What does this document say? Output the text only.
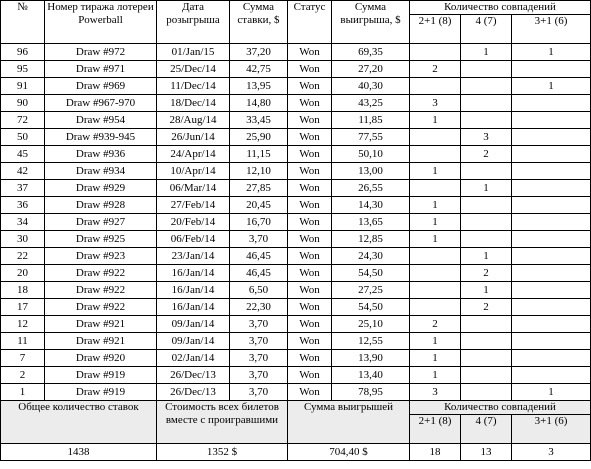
№	Номер тиража лотереи Powerball	Дата розыгрыша	Сумма ставки, $	Статус	Сумма выигрыша, $	Количество совпадений		
						2+1 (8)	4 (7)	3+1 (6)
96	Draw #972	01/Jan/15	37,20	Won	69,35		1	1
95	Draw #971	25/Dec/14	42,75	Won	27,20	2		
91	Draw #969	11/Dec/14	13,95	Won	40,30			1
90	Draw #967-970	18/Dec/14	14,80	Won	43,25	3		
72	Draw #954	28/Aug/14	33,45	Won	11,85	1		
50	Draw #939-945	26/Jun/14	25,90	Won	77,55		3	
45	Draw #936	24/Apr/14	11,15	Won	50,10		2	
42	Draw #934	10/Apr/14	12,10	Won	13,00	1		
37	Draw #929	06/Mar/14	27,85	Won	26,55		1	
36	Draw #928	27/Feb/14	20,45	Won	14,30	1		
34	Draw #927	20/Feb/14	16,70	Won	13,65	1		
30	Draw #925	06/Feb/14	3,70	Won	12,85	1		
22	Draw #923	23/Jan/14	46,45	Won	24,30		1	
20	Draw #922	16/Jan/14	46,45	Won	54,50		2	
18	Draw #922	16/Jan/14	6,50	Won	27,25		1	
17	Draw #922	16/Jan/14	22,30	Won	54,50		2	
12	Draw #921	09/Jan/14	3,70	Won	25,10	2		
11	Draw #921	09/Jan/14	3,70	Won	12,55	1		
7	Draw #920	02/Jan/14	3,70	Won	13,90	1		
2	Draw #919	26/Dec/13	3,70	Won	13,40	1		
1	Draw #919	26/Dec/13	3,70	Won	78,95	3		1
Общее количество ставок		Стоимость всех билетов вместе с проигравшими		Сумма выигрышей		Количество совпадений		
						2+1 (8)	4 (7)	3+1 (6)
1438		1352 $		704,40 $		18	13	3
